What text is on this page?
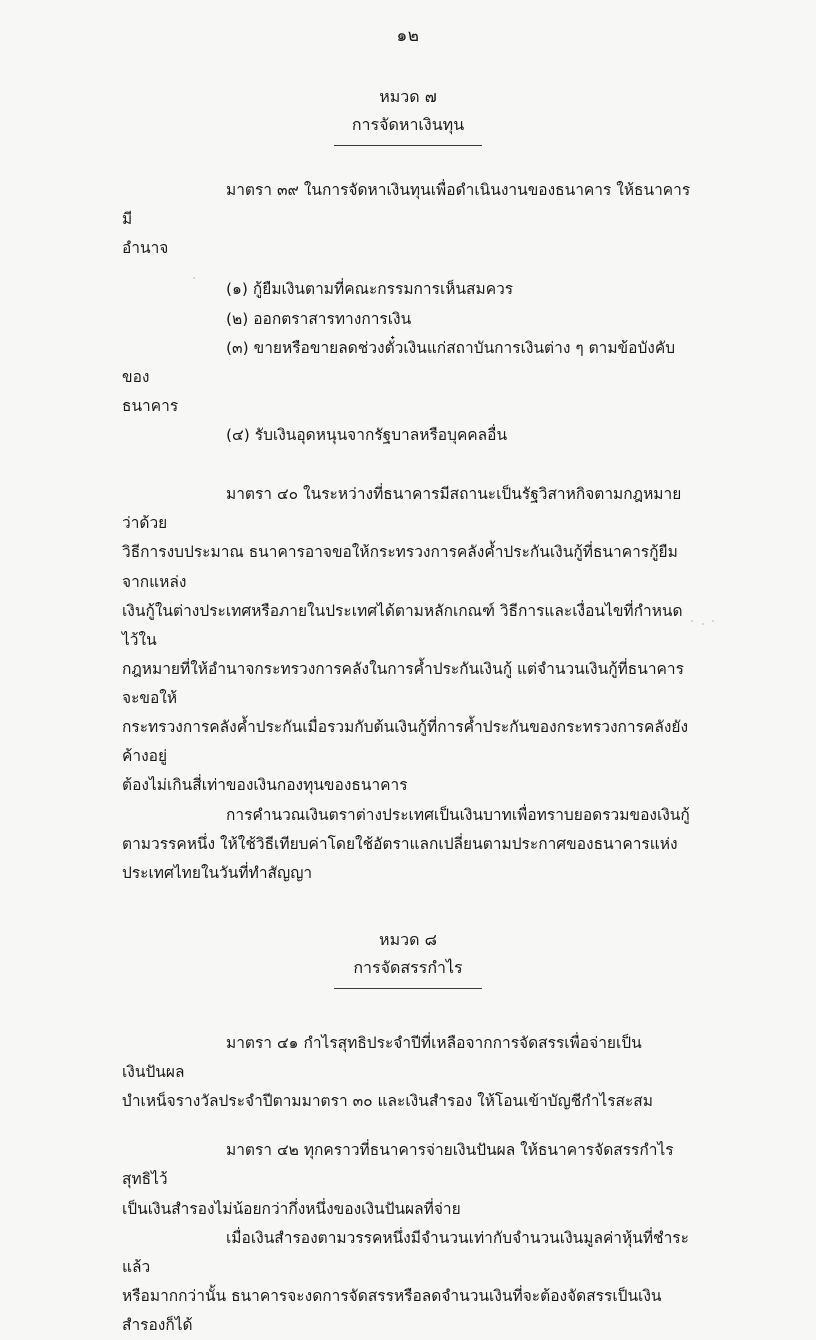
๑๒
หมวด ๗
การจัดหาเงินทุน

มาตรา ๓๙ ในการจัดหาเงินทุนเพื่อดำเนินงานของธนาคาร ให้ธนาคารมี

อำนาจ

(๑) กู้ยืมเงินตามที่คณะกรรมการเห็นสมควร

(๒) ออกตราสารทางการเงิน

(๓) ขายหรือขายลดช่วงตั๋วเงินแก่สถาบันการเงินต่าง ๆ ตามข้อบังคับของ

ธนาคาร

(๔) รับเงินอุดหนุนจากรัฐบาลหรือบุคคลอื่น

มาตรา ๔๐ ในระหว่างที่ธนาคารมีสถานะเป็นรัฐวิสาหกิจตามกฎหมายว่าด้วย

วิธีการงบประมาณ ธนาคารอาจขอให้กระทรวงการคลังค้ำประกันเงินกู้ที่ธนาคารกู้ยืมจากแหล่ง

เงินกู้ในต่างประเทศหรือภายในประเทศได้ตามหลักเกณฑ์ วิธีการและเงื่อนไขที่กำหนดไว้ใน

กฎหมายที่ให้อำนาจกระทรวงการคลังในการค้ำประกันเงินกู้ แต่จำนวนเงินกู้ที่ธนาคารจะขอให้

กระทรวงการคลังค้ำประกันเมื่อรวมกับต้นเงินกู้ที่การค้ำประกันของกระทรวงการคลังยังค้างอยู่

ต้องไม่เกินสี่เท่าของเงินกองทุนของธนาคาร

การคำนวณเงินตราต่างประเทศเป็นเงินบาทเพื่อทราบยอดรวมของเงินกู้

ตามวรรคหนึ่ง ให้ใช้วิธีเทียบค่าโดยใช้อัตราแลกเปลี่ยนตามประกาศของธนาคารแห่ง

ประเทศไทยในวันที่ทำสัญญา

หมวด ๘
การจัดสรรกำไร

มาตรา ๔๑ กำไรสุทธิประจำปีที่เหลือจากการจัดสรรเพื่อจ่ายเป็นเงินปันผล

บำเหน็จรางวัลประจำปีตามมาตรา ๓๐ และเงินสำรอง ให้โอนเข้าบัญชีกำไรสะสม

มาตรา ๔๒ ทุกคราวที่ธนาคารจ่ายเงินปันผล ให้ธนาคารจัดสรรกำไรสุทธิไว้

เป็นเงินสำรองไม่น้อยกว่ากึ่งหนึ่งของเงินปันผลที่จ่าย

เมื่อเงินสำรองตามวรรคหนึ่งมีจำนวนเท่ากับจำนวนเงินมูลค่าหุ้นที่ชำระแล้ว

หรือมากกว่านั้น ธนาคารจะงดการจัดสรรหรือลดจำนวนเงินที่จะต้องจัดสรรเป็นเงินสำรองก็ได้
